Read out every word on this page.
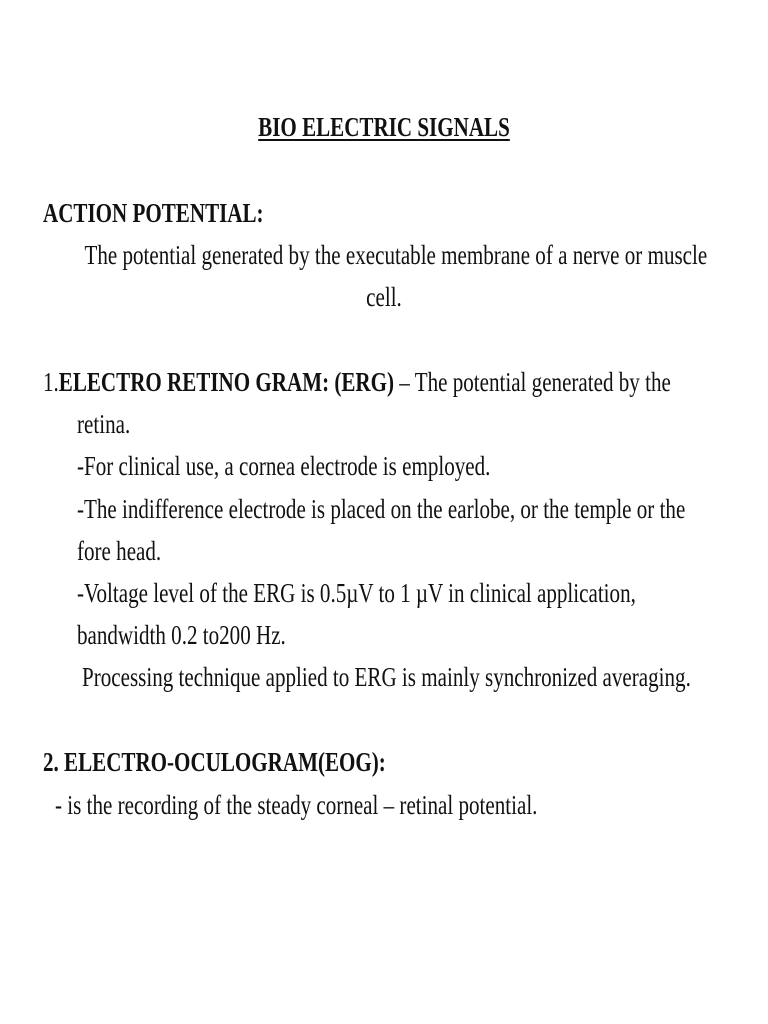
BIO ELECTRIC SIGNALS
ACTION POTENTIAL:
The potential generated by the executable membrane of a nerve or muscle
cell.
1.ELECTRO RETINO GRAM: (ERG) – The potential generated by the
retina.
-For clinical use, a cornea electrode is employed.
-The indifference electrode is placed on the earlobe, or the temple or the
fore head.
-Voltage level of the ERG is 0.5µV to 1 µV in clinical application,
bandwidth 0.2 to200 Hz.
Processing technique applied to ERG is mainly synchronized averaging.
2. ELECTRO-OCULOGRAM(EOG):
- is the recording of the steady corneal – retinal potential.
